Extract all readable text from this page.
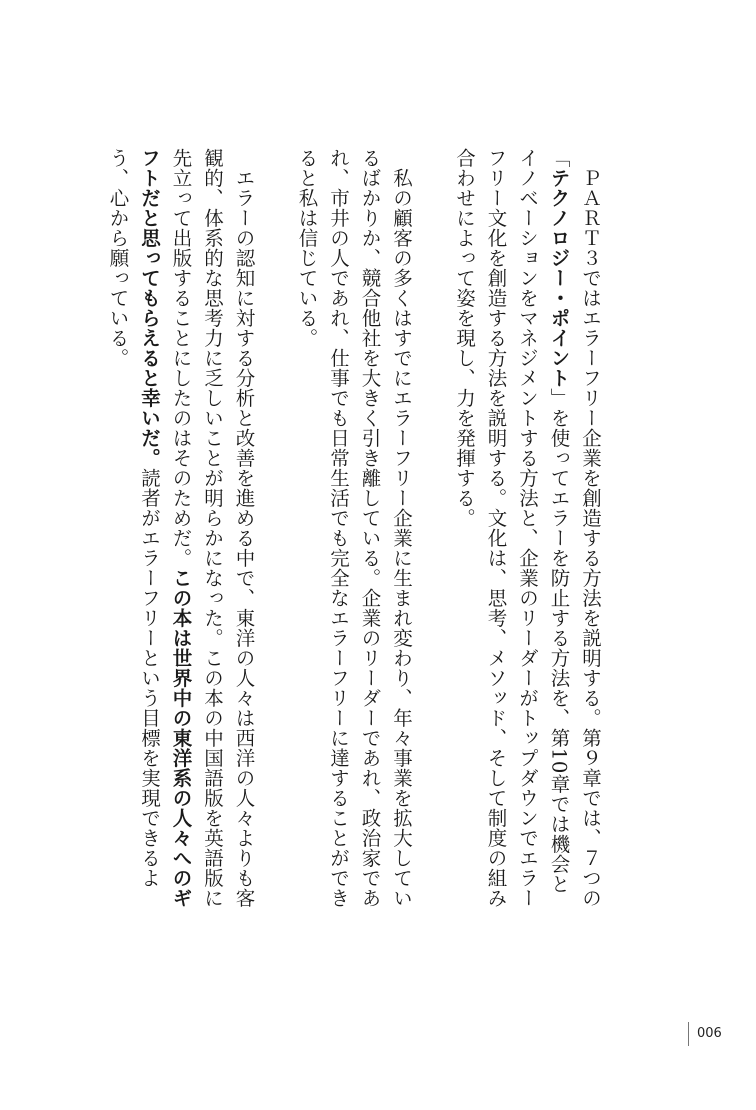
ＰＡＲＴ３ではエラーフリー企業を創造する方法を説明する。第９章では、７つの「テクノロジー・ポイント」を使ってエラーを防止する方法を、第10章では機会とイノベーションをマネジメントする方法と、企業のリーダーがトップダウンでエラーフリー文化を創造する方法を説明する。文化は、思考、メソッド、そして制度の組み合わせによって姿を現し、力を発揮する。

私の顧客の多くはすでにエラーフリー企業に生まれ変わり、年々事業を拡大しているばかりか、競合他社を大きく引き離している。企業のリーダーであれ、政治家であれ、市井の人であれ、仕事でも日常生活でも完全なエラーフリーに達することができると私は信じている。

エラーの認知に対する分析と改善を進める中で、東洋の人々は西洋の人々よりも客観的、体系的な思考力に乏しいことが明らかになった。この本の中国語版を英語版に先立って出版することにしたのはそのためだ。この本は世界中の東洋系の人々へのギフトだと思ってもらえると幸いだ。読者がエラーフリーという目標を実現できるよう、心から願っている。

006
